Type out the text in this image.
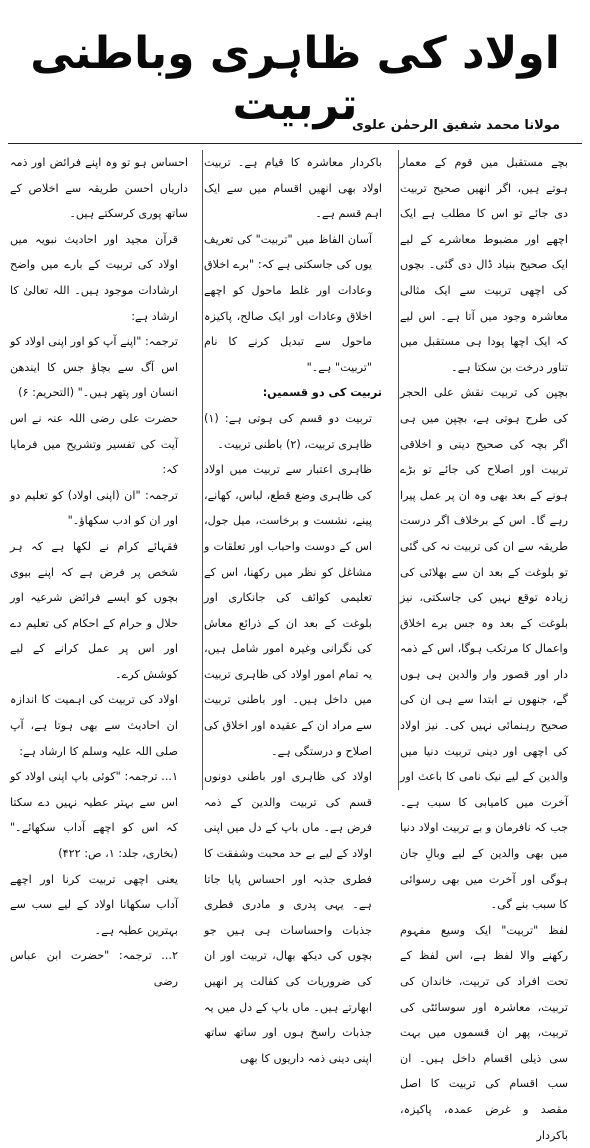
اولاد کی ظاہری وباطنی تربیت
مولانا محمد شفیق الرحمٰن علوی

بچے مستقبل میں قوم کے معمار ہوتے ہیں، اگر انھیں صحیح تربیت دی جائے تو اس کا مطلب ہے ایک اچھے اور مضبوط معاشرے کے لیے ایک صحیح بنیاد ڈال دی گئی۔ بچوں کی اچھی تربیت سے ایک مثالی معاشرہ وجود میں آتا ہے۔ اس لیے کہ ایک اچھا پودا ہی مستقبل میں تناور درخت بن سکتا ہے۔

بچپن کی تربیت نقش علی الحجر کی طرح ہوتی ہے، بچپن میں ہی اگر بچہ کی صحیح دینی و اخلاقی تربیت اور اصلاح کی جائے تو بڑے ہونے کے بعد بھی وہ ان پر عمل پیرا رہے گا۔ اس کے برخلاف اگر درست طریقہ سے ان کی تربیت نہ کی گئی تو بلوغت کے بعد ان سے بھلائی کی زیادہ توقع نہیں کی جاسکتی، نیز بلوغت کے بعد وہ جس برے اخلاق واعمال کا مرتکب ہوگا، اس کے ذمہ دار اور قصور وار والدین ہی ہوں گے، جنھوں نے ابتدا سے ہی ان کی صحیح رہنمائی نہیں کی۔ نیز اولاد کی اچھی اور دینی تربیت دنیا میں والدین کے لیے نیک نامی کا باعث اور آخرت میں کامیابی کا سبب ہے۔ جب کہ نافرمان و بے تربیت اولاد دنیا میں بھی والدین کے لیے وبالِ جان ہوگی اور آخرت میں بھی رسوائی کا سبب بنے گی۔

لفظ "تربیت" ایک وسیع مفہوم رکھنے والا لفظ ہے، اس لفظ کے تحت افراد کی تربیت، خاندان کی تربیت، معاشرہ اور سوسائٹی کی تربیت، پھر ان قسموں میں بہت سی ذیلی اقسام داخل ہیں۔ ان سب اقسام کی تربیت کا اصل مقصد و غرض عمدہ، پاکیزہ، باکردار

باکردار معاشرہ کا قیام ہے۔ تربیت اولاد بھی انھیں اقسام میں سے ایک اہم قسم ہے۔

آسان الفاظ میں "تربیت" کی تعریف یوں کی جاسکتی ہے کہ: "برے اخلاق وعادات اور غلط ماحول کو اچھے اخلاق وعادات اور ایک صالح، پاکیزہ ماحول سے تبدیل کرنے کا نام "تربیت" ہے۔"

تربیت کی دو قسمیں:

تربیت دو قسم کی ہوتی ہے: (۱) ظاہری تربیت، (۲) باطنی تربیت۔

ظاہری اعتبار سے تربیت میں اولاد کی ظاہری وضع قطع، لباس، کھانے، پینے، نشست و برخاست، میل جول، اس کے دوست واحباب اور تعلقات و مشاغل کو نظر میں رکھنا، اس کے تعلیمی کوائف کی جانکاری اور بلوغت کے بعد ان کے ذرائع معاش کی نگرانی وغیرہ امور شامل ہیں، یہ تمام امور اولاد کی ظاہری تربیت میں داخل ہیں۔ اور باطنی تربیت سے مراد ان کے عقیدہ اور اخلاق کی اصلاح و درستگی ہے۔

اولاد کی ظاہری اور باطنی دونوں قسم کی تربیت والدین کے ذمہ فرض ہے۔ ماں باپ کے دل میں اپنی اولاد کے لیے بے حد محبت وشفقت کا فطری جذبہ اور احساس پایا جاتا ہے۔ یہی پدری و مادری فطری جذبات واحساسات ہی ہیں جو بچوں کی دیکھ بھال، تربیت اور ان کی ضروریات کی کفالت پر انھیں ابھارتے ہیں۔ ماں باپ کے دل میں یہ جذبات راسخ ہوں اور ساتھ ساتھ اپنی دینی ذمہ داریوں کا بھی

احساس ہو تو وہ اپنے فرائض اور ذمہ داریاں احسن طریقہ سے اخلاص کے ساتھ پوری کرسکتے ہیں۔

قرآن مجید اور احادیث نبویہ میں اولاد کی تربیت کے بارے میں واضح ارشادات موجود ہیں۔ اللہ تعالیٰ کا ارشاد ہے:

ترجمہ: "اپنے آپ کو اور اپنی اولاد کو اس آگ سے بچاؤ جس کا ایندھن انسان اور پتھر ہیں۔" (التحریم: ۶)

حضرت علی رضی اللہ عنہ نے اس آیت کی تفسیر وتشریح میں فرمایا کہ:

ترجمہ: "ان (اپنی اولاد) کو تعلیم دو اور ان کو ادب سکھاؤ۔"

فقہائے کرام نے لکھا ہے کہ ہر شخص پر فرض ہے کہ اپنے بیوی بچوں کو ایسے فرائض شرعیہ اور حلال و حرام کے احکام کی تعلیم دے اور اس پر عمل کرانے کے لیے کوشش کرے۔

اولاد کی تربیت کی اہمیت کا اندازہ ان احادیث سے بھی ہوتا ہے، آپ صلی اللہ علیہ وسلم کا ارشاد ہے:

۱... ترجمہ: "کوئی باپ اپنی اولاد کو اس سے بہتر عطیہ نہیں دے سکتا کہ اس کو اچھے آداب سکھائے۔" (بخاری، جلد: ۱، ص: ۴۲۲)

یعنی اچھی تربیت کرنا اور اچھے آداب سکھانا اولاد کے لیے سب سے بہترین عطیہ ہے۔

۲... ترجمہ: "حضرت ابن عباس رضی
